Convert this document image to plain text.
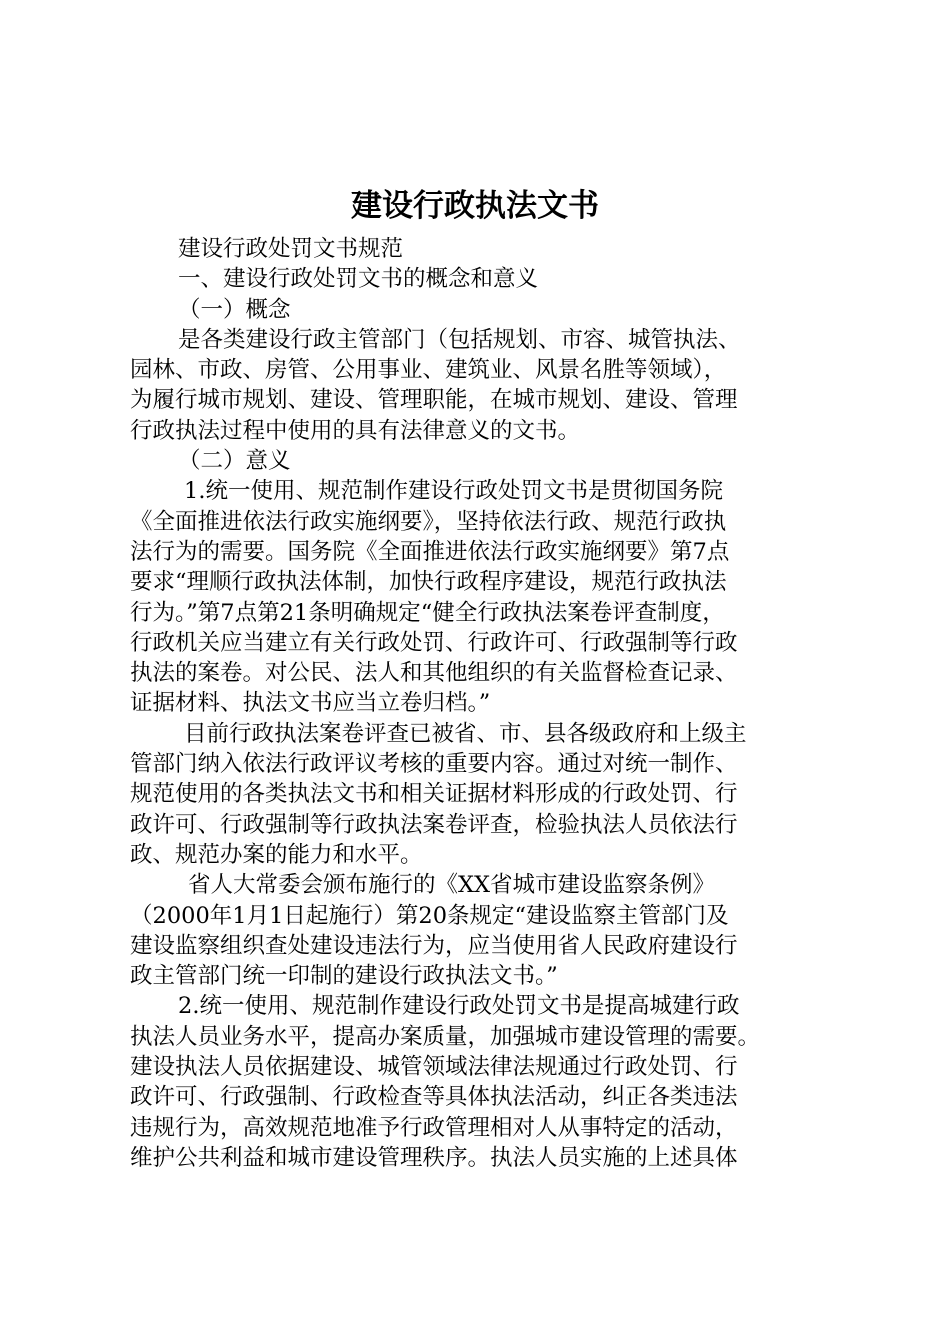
建设行政执法文书
建设行政处罚文书规范
一、建设行政处罚文书的概念和意义
（一）概念
是各类建设行政主管部门（包括规划、市容、城管执法、
园林、市政、房管、公用事业、建筑业、风景名胜等领域），
为履行城市规划、建设、管理职能，在城市规划、建设、管理
行政执法过程中使用的具有法律意义的文书。
（二）意义
1.统一使用、规范制作建设行政处罚文书是贯彻国务院
《全面推进依法行政实施纲要》，坚持依法行政、规范行政执
法行为的需要。国务院《全面推进依法行政实施纲要》第7点
要求“理顺行政执法体制，加快行政程序建设，规范行政执法
行为。”第7点第21条明确规定“健全行政执法案卷评查制度，
行政机关应当建立有关行政处罚、行政许可、行政强制等行政
执法的案卷。对公民、法人和其他组织的有关监督检查记录、
证据材料、执法文书应当立卷归档。”
目前行政执法案卷评查已被省、市、县各级政府和上级主
管部门纳入依法行政评议考核的重要内容。通过对统一制作、
规范使用的各类执法文书和相关证据材料形成的行政处罚、行
政许可、行政强制等行政执法案卷评查，检验执法人员依法行
政、规范办案的能力和水平。
省人大常委会颁布施行的《XX省城市建设监察条例》
（2000年1月1日起施行）第20条规定“建设监察主管部门及
建设监察组织查处建设违法行为，应当使用省人民政府建设行
政主管部门统一印制的建设行政执法文书。”
2.统一使用、规范制作建设行政处罚文书是提高城建行政
执法人员业务水平，提高办案质量，加强城市建设管理的需要。
建设执法人员依据建设、城管领域法律法规通过行政处罚、行
政许可、行政强制、行政检查等具体执法活动，纠正各类违法
违规行为，高效规范地准予行政管理相对人从事特定的活动，
维护公共利益和城市建设管理秩序。执法人员实施的上述具体
